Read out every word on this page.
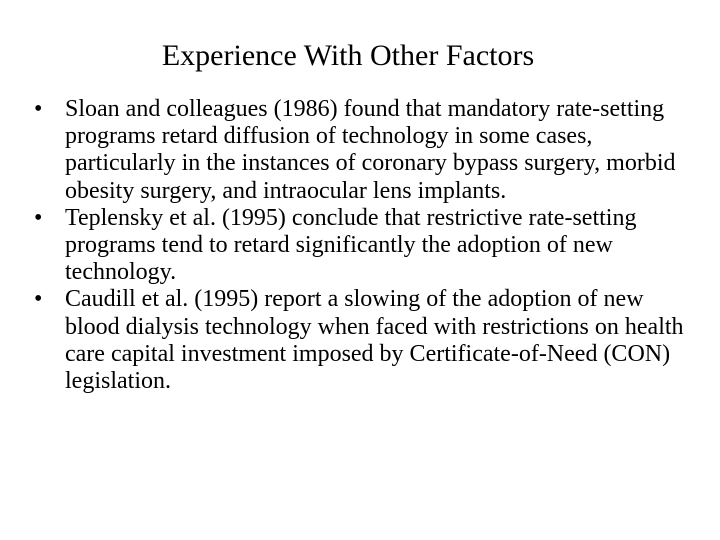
Experience With Other Factors
• Sloan and colleagues (1986) found that mandatory rate-setting programs retard diffusion of technology in some cases, particularly in the instances of coronary bypass surgery, morbid obesity surgery, and intraocular lens implants.
• Teplensky et al. (1995) conclude that restrictive rate-setting programs tend to retard significantly the adoption of new technology.
• Caudill et al. (1995) report a slowing of the adoption of new blood dialysis technology when faced with restrictions on health care capital investment imposed by Certificate-of-Need (CON) legislation.
